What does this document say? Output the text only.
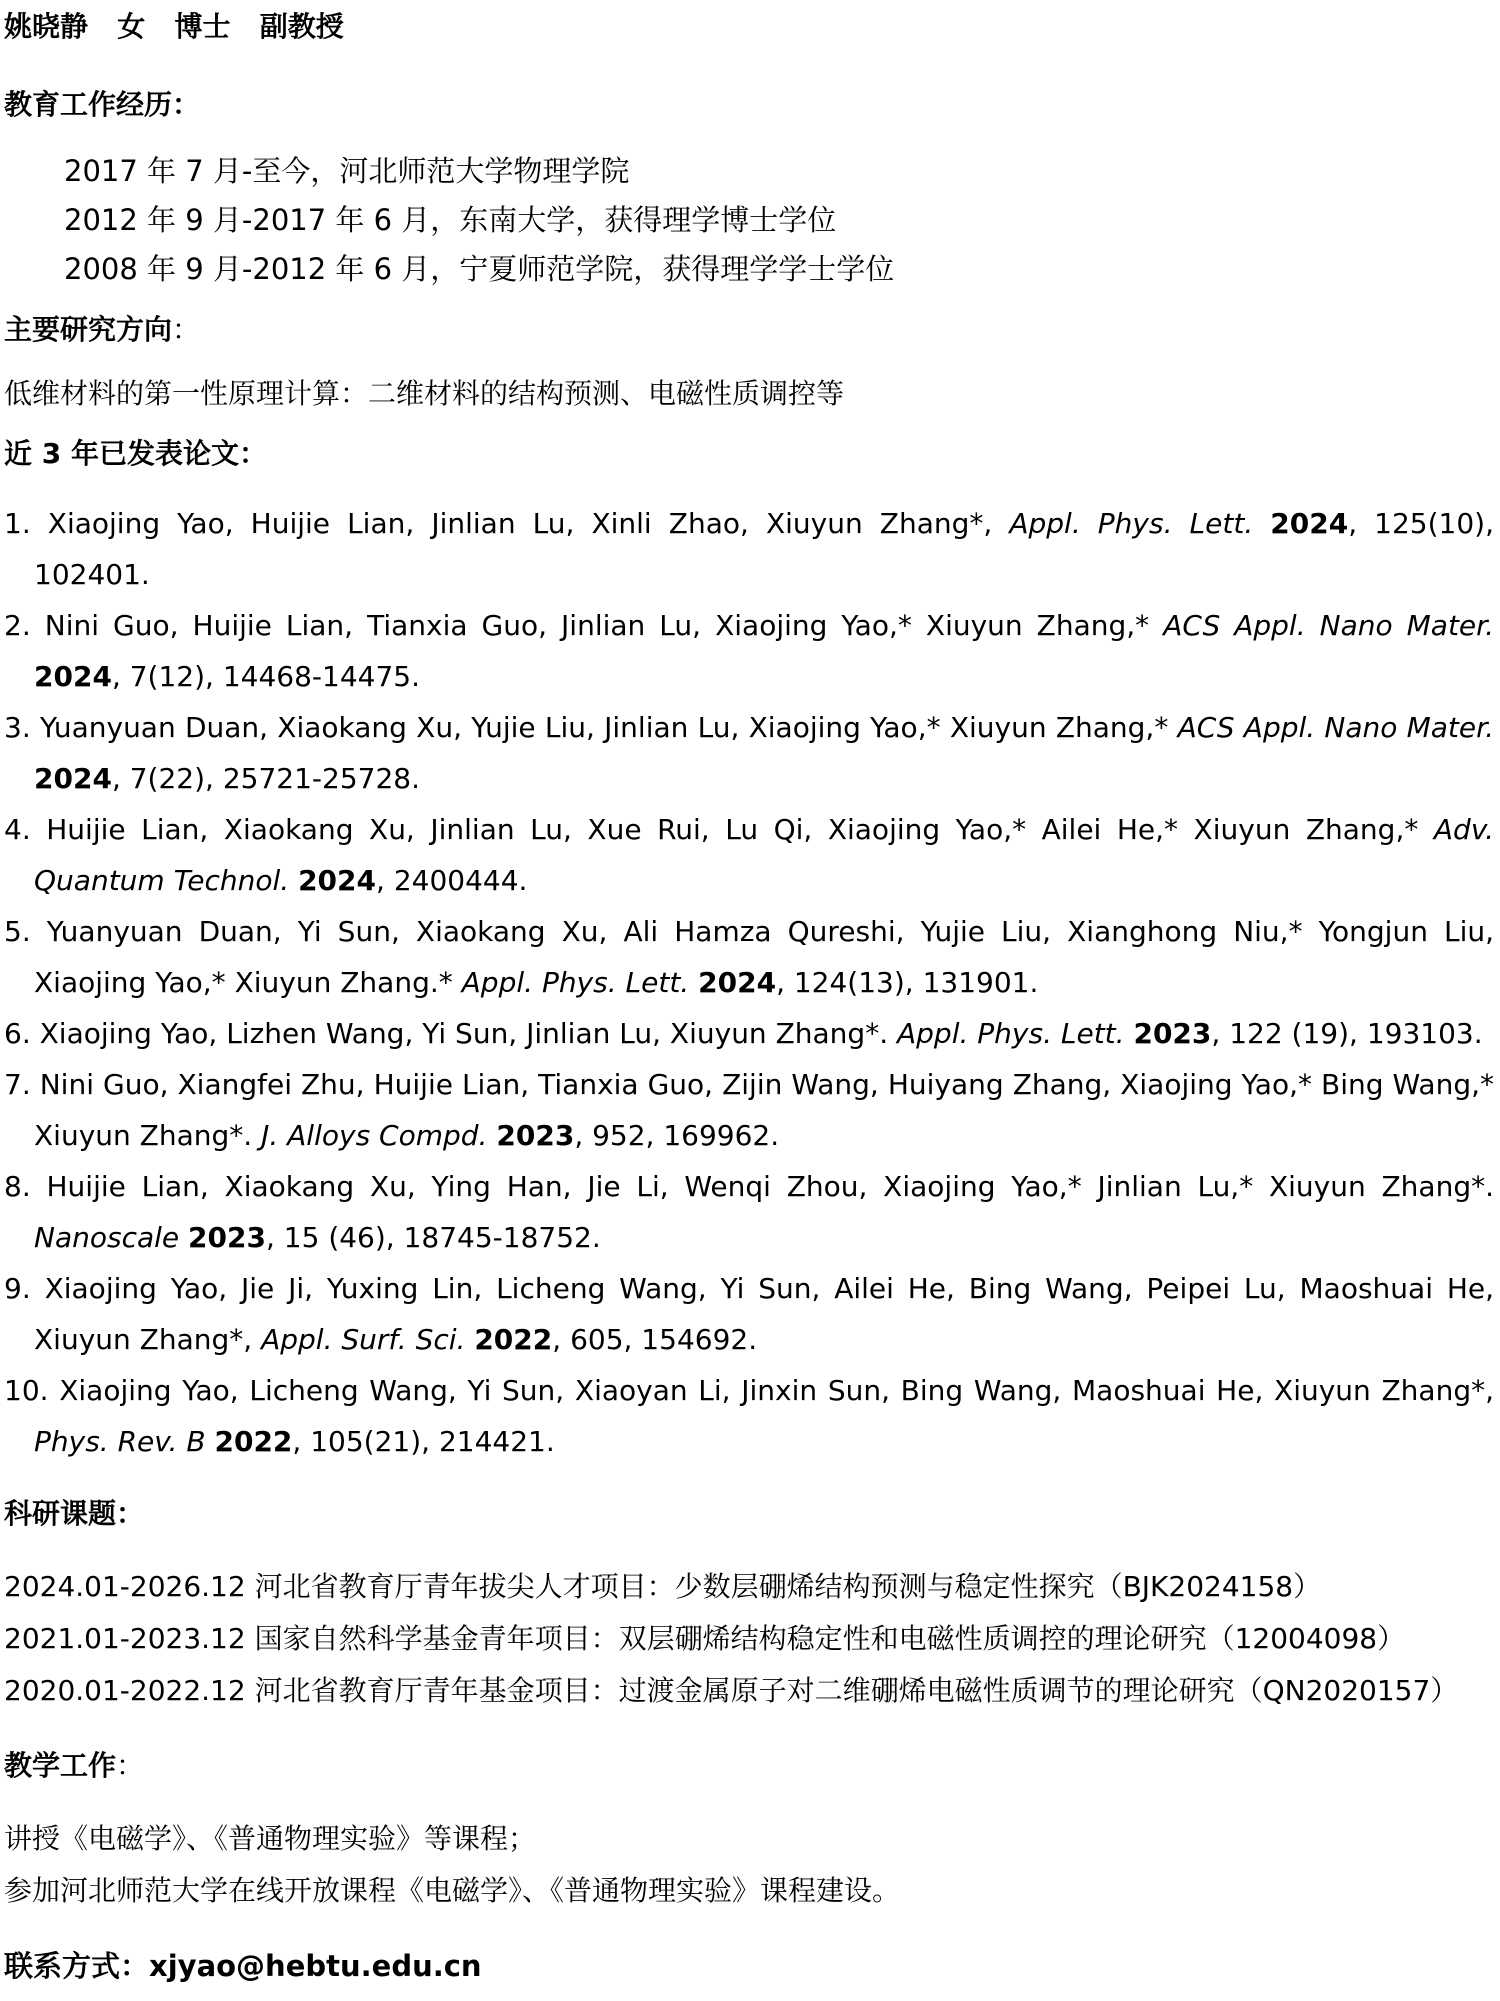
姚晓静 女 博士 副教授
教育工作经历：
2017 年 7 月-至今，河北师范大学物理学院
2012 年 9 月-2017 年 6 月，东南大学，获得理学博士学位
2008 年 9 月-2012 年 6 月，宁夏师范学院，获得理学学士学位
主要研究方向：
低维材料的第一性原理计算：二维材料的结构预测、电磁性质调控等
近 3 年已发表论文：

1. Xiaojing Yao, Huijie Lian, Jinlian Lu, Xinli Zhao, Xiuyun Zhang*, Appl. Phys. Lett. 2024, 125(10), 102401.

2. Nini Guo, Huijie Lian, Tianxia Guo, Jinlian Lu, Xiaojing Yao,* Xiuyun Zhang,* ACS Appl. Nano Mater. 2024, 7(12), 14468-14475.

3. Yuanyuan Duan, Xiaokang Xu, Yujie Liu, Jinlian Lu, Xiaojing Yao,* Xiuyun Zhang,* ACS Appl. Nano Mater. 2024, 7(22), 25721-25728.

4. Huijie Lian, Xiaokang Xu, Jinlian Lu, Xue Rui, Lu Qi, Xiaojing Yao,* Ailei He,* Xiuyun Zhang,* Adv. Quantum Technol. 2024, 2400444.

5. Yuanyuan Duan, Yi Sun, Xiaokang Xu, Ali Hamza Qureshi, Yujie Liu, Xianghong Niu,* Yongjun Liu, Xiaojing Yao,* Xiuyun Zhang.* Appl. Phys. Lett. 2024, 124(13), 131901.

6. Xiaojing Yao, Lizhen Wang, Yi Sun, Jinlian Lu, Xiuyun Zhang*. Appl. Phys. Lett. 2023, 122 (19), 193103.

7. Nini Guo, Xiangfei Zhu, Huijie Lian, Tianxia Guo, Zijin Wang, Huiyang Zhang, Xiaojing Yao,* Bing Wang,* Xiuyun Zhang*. J. Alloys Compd. 2023, 952, 169962.

8. Huijie Lian, Xiaokang Xu, Ying Han, Jie Li, Wenqi Zhou, Xiaojing Yao,* Jinlian Lu,* Xiuyun Zhang*. Nanoscale 2023, 15 (46), 18745-18752.

9. Xiaojing Yao, Jie Ji, Yuxing Lin, Licheng Wang, Yi Sun, Ailei He, Bing Wang, Peipei Lu, Maoshuai He, Xiuyun Zhang*, Appl. Surf. Sci. 2022, 605, 154692.

10. Xiaojing Yao, Licheng Wang, Yi Sun, Xiaoyan Li, Jinxin Sun, Bing Wang, Maoshuai He, Xiuyun Zhang*, Phys. Rev. B 2022, 105(21), 214421.

科研课题：

2024.01-2026.12 河北省教育厅青年拔尖人才项目：少数层硼烯结构预测与稳定性探究（BJK2024158）

2021.01-2023.12 国家自然科学基金青年项目：双层硼烯结构稳定性和电磁性质调控的理论研究（12004098）

2020.01-2022.12 河北省教育厅青年基金项目：过渡金属原子对二维硼烯电磁性质调节的理论研究（QN2020157）

教学工作：

讲授《电磁学》、《普通物理实验》等课程；

参加河北师范大学在线开放课程《电磁学》、《普通物理实验》课程建设。

联系方式：xjyao@hebtu.edu.cn
